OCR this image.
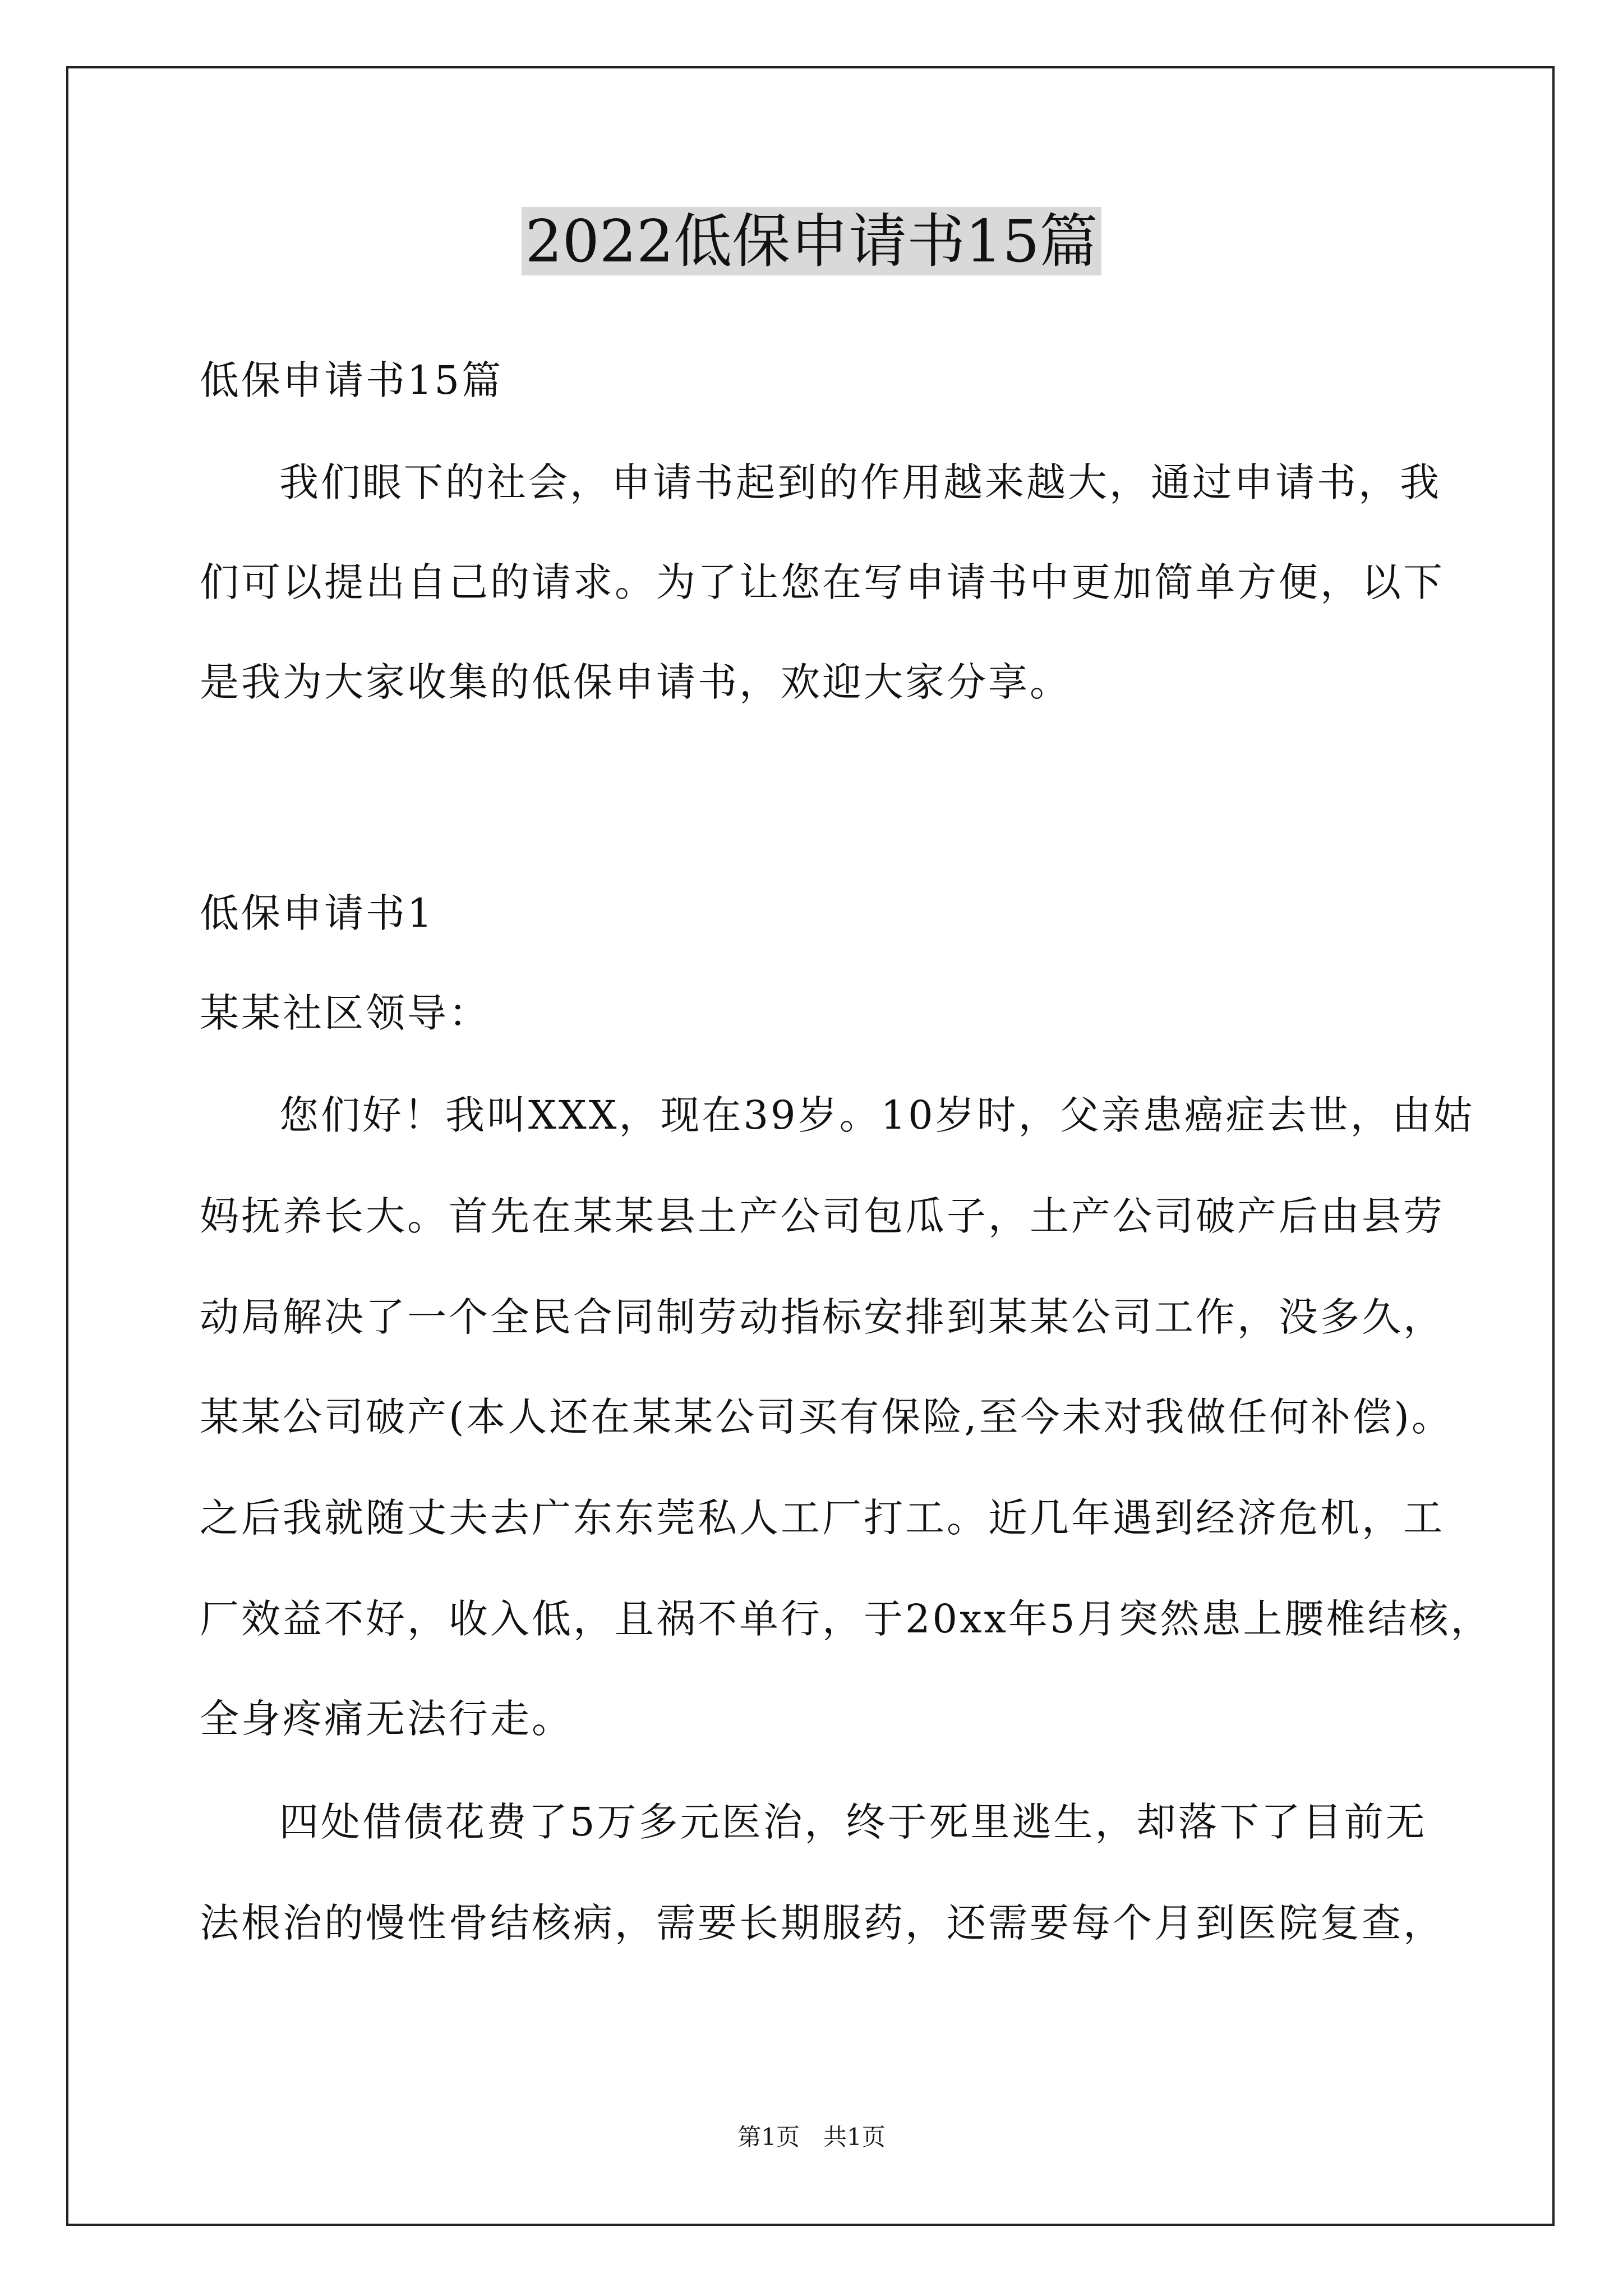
2022低保申请书15篇

低保申请书15篇

我们眼下的社会，申请书起到的作用越来越大，通过申请书，我

们可以提出自己的请求。为了让您在写申请书中更加简单方便，以下

是我为大家收集的低保申请书，欢迎大家分享。

低保申请书1

某某社区领导：

您们好！我叫XXX，现在39岁。10岁时，父亲患癌症去世，由姑

妈抚养长大。首先在某某县土产公司包瓜子，土产公司破产后由县劳

动局解决了一个全民合同制劳动指标安排到某某公司工作，没多久，

某某公司破产(本人还在某某公司买有保险,至今未对我做任何补偿)。

之后我就随丈夫去广东东莞私人工厂打工。近几年遇到经济危机，工

厂效益不好，收入低，且祸不单行，于20xx年5月突然患上腰椎结核，

全身疼痛无法行走。

四处借债花费了5万多元医治，终于死里逃生，却落下了目前无

法根治的慢性骨结核病，需要长期服药，还需要每个月到医院复查，

第1页　共1页
